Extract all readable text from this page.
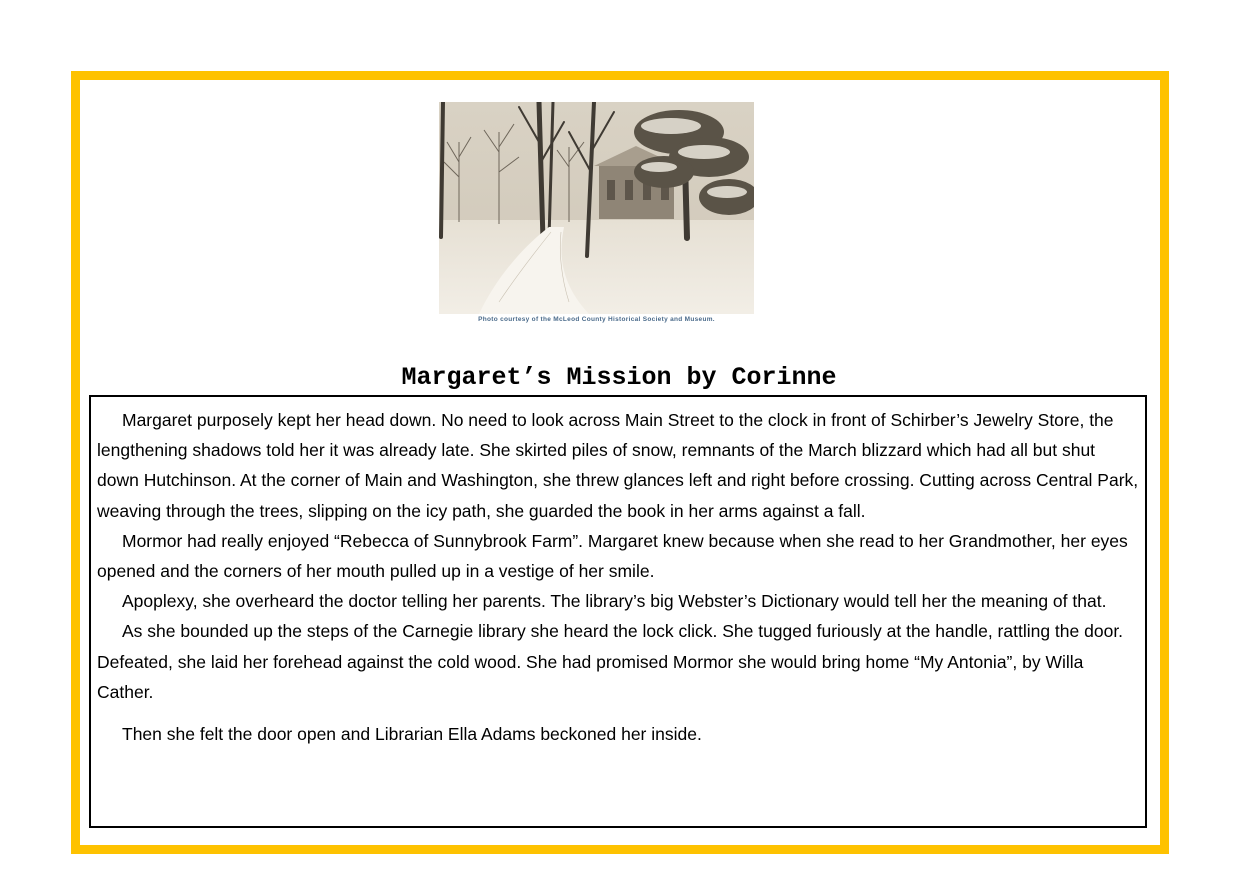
Photo courtesy of the McLeod County Historical Society and Museum.
Margaret’s Mission by Corinne

Margaret purposely kept her head down. No need to look across Main Street to the clock in front of Schirber’s Jewelry Store, the lengthening shadows told her it was already late. She skirted piles of snow, remnants of the March blizzard which had all but shut down Hutchinson. At the corner of Main and Washington, she threw glances left and right before crossing. Cutting across Central Park, weaving through the trees, slipping on the icy path, she guarded the book in her arms against a fall.

Mormor had really enjoyed “Rebecca of Sunnybrook Farm”. Margaret knew because when she read to her Grandmother, her eyes opened and the corners of her mouth pulled up in a vestige of her smile.

Apoplexy, she overheard the doctor telling her parents. The library’s big Webster’s Dictionary would tell her the meaning of that.

As she bounded up the steps of the Carnegie library she heard the lock click. She tugged furiously at the handle, rattling the door. Defeated, she laid her forehead against the cold wood. She had promised Mormor she would bring home “My Antonia”, by Willa Cather.

Then she felt the door open and Librarian Ella Adams beckoned her inside.
